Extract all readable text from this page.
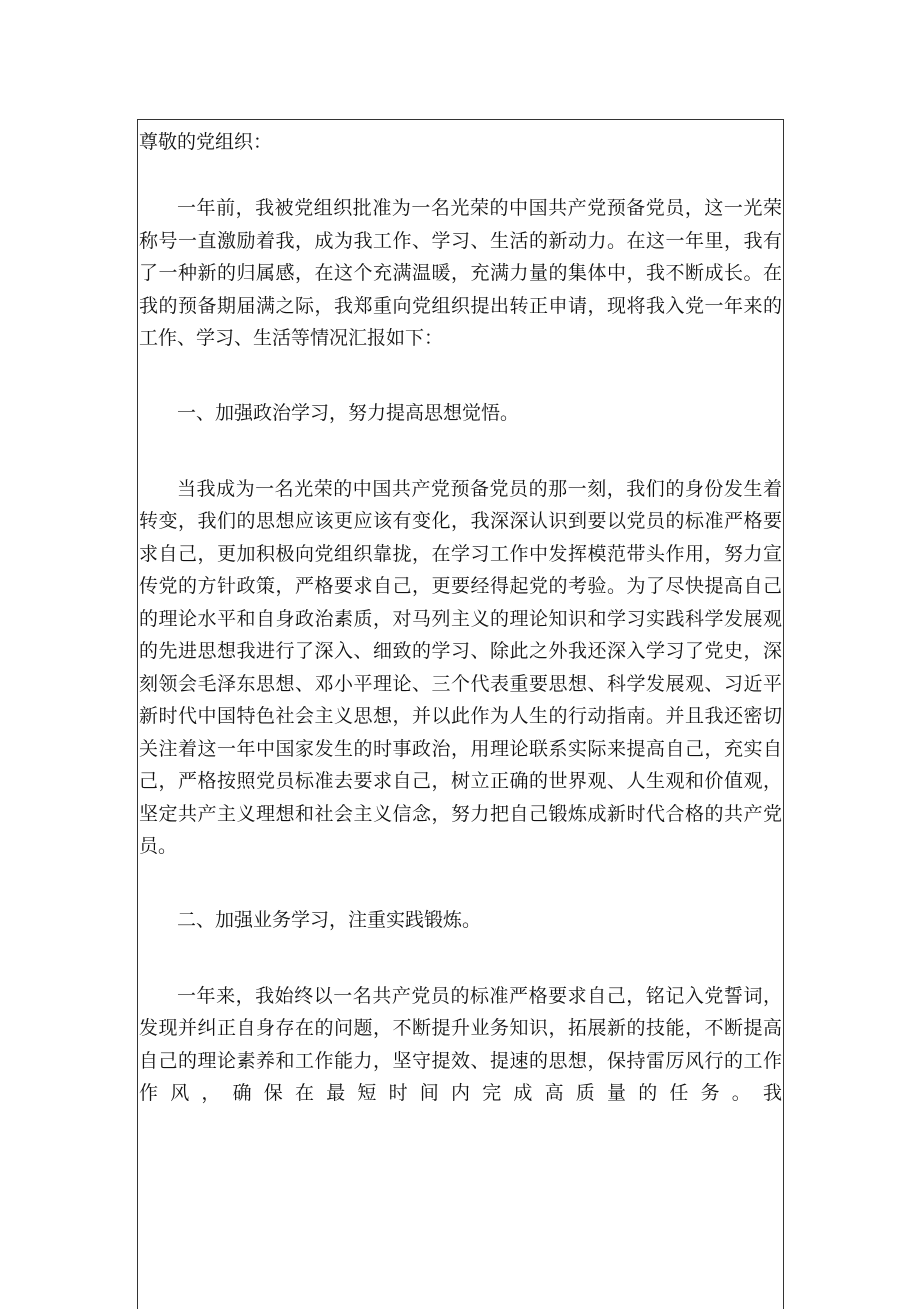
尊敬的党组织：

一年前，我被党组织批准为一名光荣的中国共产党预备党员，这一光荣称号一直激励着我，成为我工作、学习、生活的新动力。在这一年里，我有了一种新的归属感，在这个充满温暖，充满力量的集体中，我不断成长。在我的预备期届满之际，我郑重向党组织提出转正申请，现将我入党一年来的工作、学习、生活等情况汇报如下：

一、加强政治学习，努力提高思想觉悟。

当我成为一名光荣的中国共产党预备党员的那一刻，我们的身份发生着转变，我们的思想应该更应该有变化，我深深认识到要以党员的标准严格要求自己，更加积极向党组织靠拢，在学习工作中发挥模范带头作用，努力宣传党的方针政策，严格要求自己，更要经得起党的考验。为了尽快提高自己的理论水平和自身政治素质，对马列主义的理论知识和学习实践科学发展观的先进思想我进行了深入、细致的学习、除此之外我还深入学习了党史，深刻领会毛泽东思想、邓小平理论、三个代表重要思想、科学发展观、习近平新时代中国特色社会主义思想，并以此作为人生的行动指南。并且我还密切关注着这一年中国家发生的时事政治，用理论联系实际来提高自己，充实自己，严格按照党员标准去要求自己，树立正确的世界观、人生观和价值观，坚定共产主义理想和社会主义信念，努力把自己锻炼成新时代合格的共产党员。

二、加强业务学习，注重实践锻炼。

一年来，我始终以一名共产党员的标准严格要求自己，铭记入党誓词，发现并纠正自身存在的问题，不断提升业务知识，拓展新的技能，不断提高自己的理论素养和工作能力，坚守提效、提速的思想，保持雷厉风行的工作作风，确保在最短时间内完成高质量的任务。我
